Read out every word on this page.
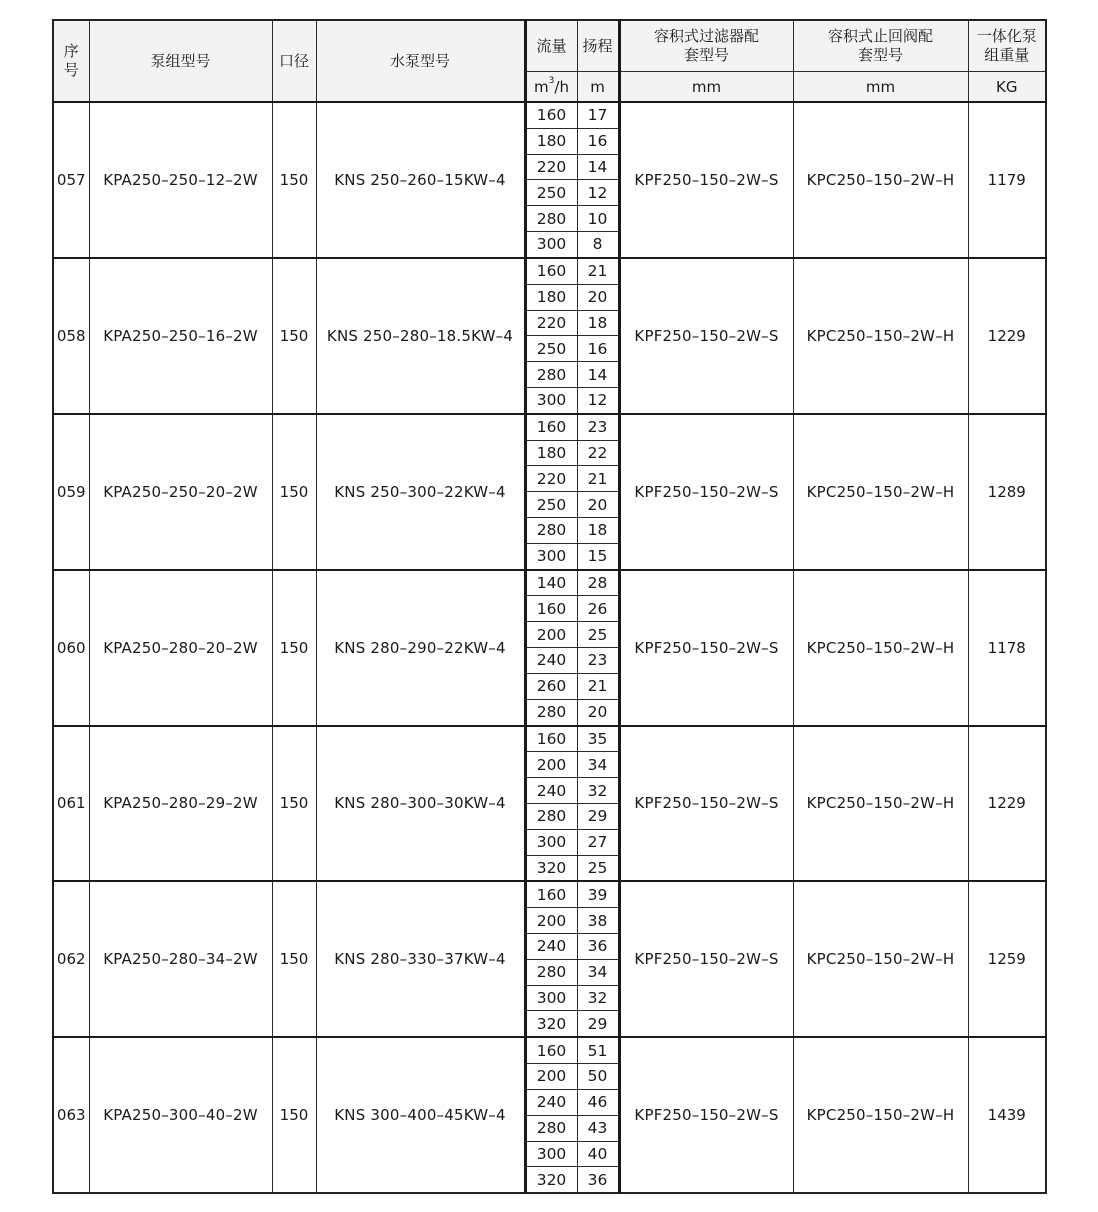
序号	泵组型号	口径	水泵型号	流量	扬程	容积式过滤器配套型号	容积式止回阀配套型号	一体化泵组重量
				$m^3/h$	m	mm	mm	KG
057	KPA250–250–12–2W	150	KNS 250–260–15KW–4	160	17	KPF250–150–2W–S	KPC250–150–2W–H	1179
				180	16			
				220	14			
				250	12			
				280	10			
				300	8			
058	KPA250–250–16–2W	150	KNS 250–280–18.5KW–4	160	21	KPF250–150–2W–S	KPC250–150–2W–H	1229
				180	20			
				220	18			
				250	16			
				280	14			
				300	12			
059	KPA250–250–20–2W	150	KNS 250–300–22KW–4	160	23	KPF250–150–2W–S	KPC250–150–2W–H	1289
				180	22			
				220	21			
				250	20			
				280	18			
				300	15			
060	KPA250–280–20–2W	150	KNS 280–290–22KW–4	140	28	KPF250–150–2W–S	KPC250–150–2W–H	1178
				160	26			
				200	25			
				240	23			
				260	21			
				280	20			
061	KPA250–280–29–2W	150	KNS 280–300–30KW–4	160	35	KPF250–150–2W–S	KPC250–150–2W–H	1229
				200	34			
				240	32			
				280	29			
				300	27			
				320	25			
062	KPA250–280–34–2W	150	KNS 280–330–37KW–4	160	39	KPF250–150–2W–S	KPC250–150–2W–H	1259
				200	38			
				240	36			
				280	34			
				300	32			
				320	29			
063	KPA250–300–40–2W	150	KNS 300–400–45KW–4	160	51	KPF250–150–2W–S	KPC250–150–2W–H	1439
				200	50			
				240	46			
				280	43			
				300	40			
				320	36			
